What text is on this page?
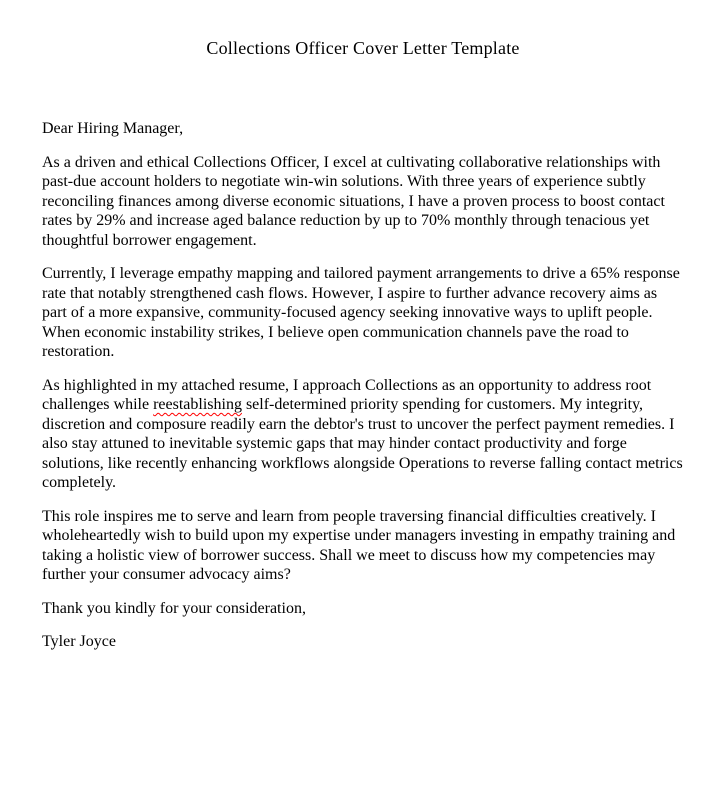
Collections Officer Cover Letter Template

Dear Hiring Manager,

As a driven and ethical Collections Officer, I excel at cultivating collaborative relationships with past-due account holders to negotiate win-win solutions. With three years of experience subtly reconciling finances among diverse economic situations, I have a proven process to boost contact rates by 29% and increase aged balance reduction by up to 70% monthly through tenacious yet thoughtful borrower engagement.

Currently, I leverage empathy mapping and tailored payment arrangements to drive a 65% response rate that notably strengthened cash flows. However, I aspire to further advance recovery aims as part of a more expansive, community-focused agency seeking innovative ways to uplift people. When economic instability strikes, I believe open communication channels pave the road to restoration.

As highlighted in my attached resume, I approach Collections as an opportunity to address root challenges while reestablishing self-determined priority spending for customers. My integrity, discretion and composure readily earn the debtor's trust to uncover the perfect payment remedies. I also stay attuned to inevitable systemic gaps that may hinder contact productivity and forge solutions, like recently enhancing workflows alongside Operations to reverse falling contact metrics completely.

This role inspires me to serve and learn from people traversing financial difficulties creatively. I wholeheartedly wish to build upon my expertise under managers investing in empathy training and taking a holistic view of borrower success. Shall we meet to discuss how my competencies may further your consumer advocacy aims?

Thank you kindly for your consideration,

Tyler Joyce
